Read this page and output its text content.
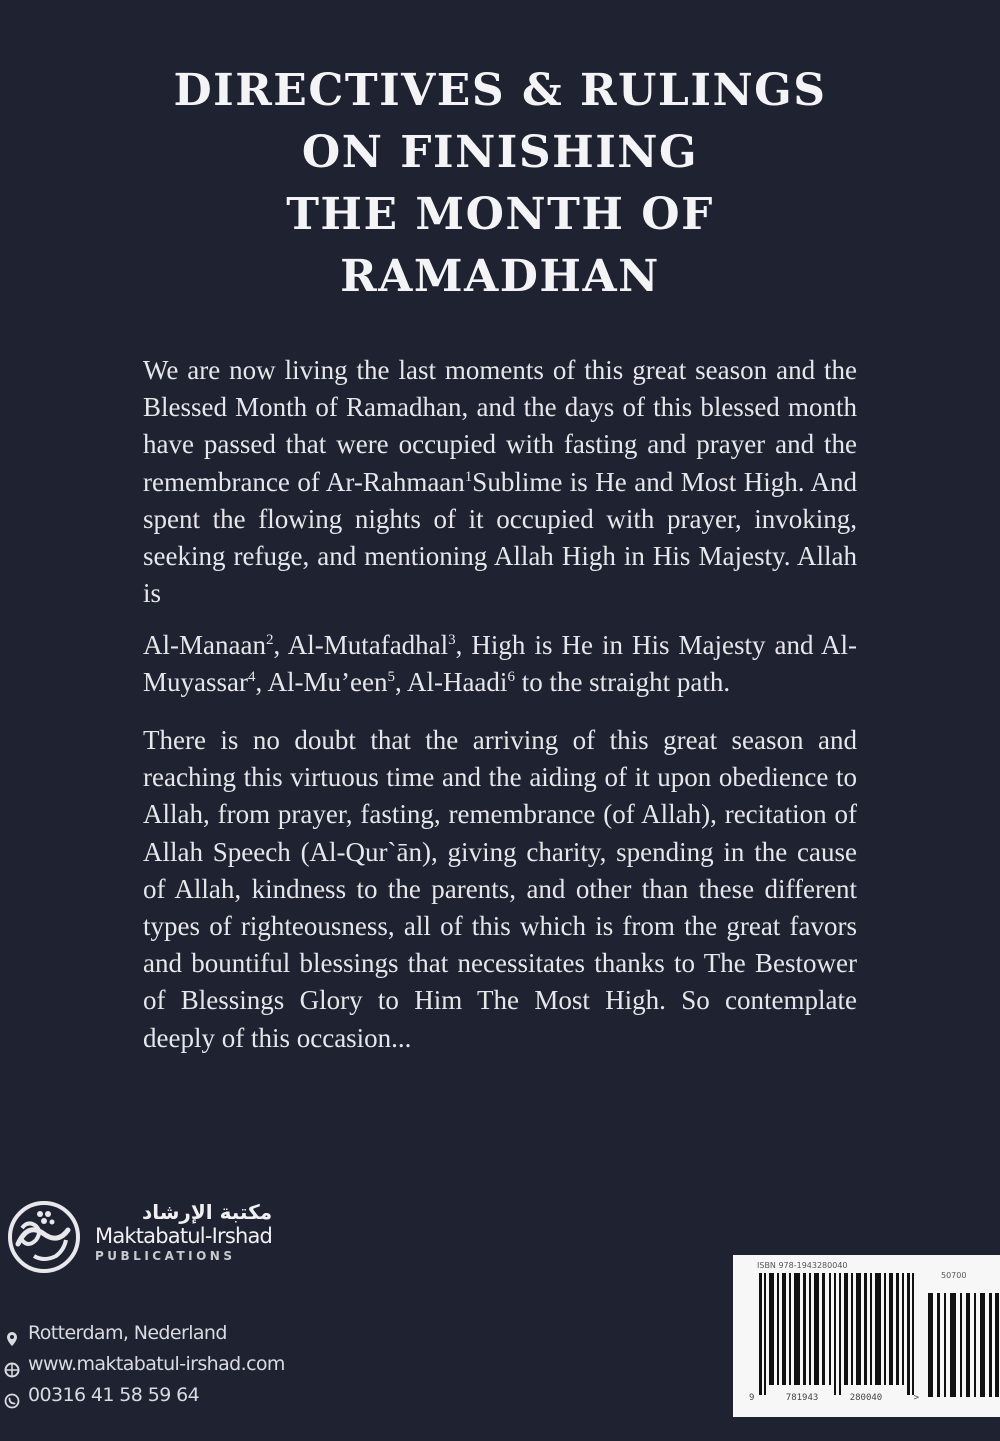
DIRECTIVES & RULINGS
ON FINISHING
THE MONTH OF
RAMADHAN

We are now living the last moments of this great season and the Blessed Month of Ramadhan, and the days of this blessed month have passed that were occupied with fasting and prayer and the remembrance of Ar-Rahmaan$^1$Sublime is He and Most High. And spent the flowing nights of it occupied with prayer, invoking, seeking refuge, and mentioning Allah High in His Majesty. Allah is

Al-Manaan$^2$, Al-Mutafadhal$^3$, High is He in His Majesty and Al-Muyassar$^4$, Al-Mu’een$^5$, Al-Haadi$^6$ to the straight path.

There is no doubt that the arriving of this great season and reaching this virtuous time and the aiding of it upon obedience to Allah, from prayer, fasting, remembrance (of Allah), recitation of Allah Speech (Al-Qur`ān), giving charity, spending in the cause of Allah, kindness to the parents, and other than these different types of righteousness, all of this which is from the great favors and bountiful blessings that necessitates thanks to The Bestower of Blessings Glory to Him The Most High. So contemplate deeply of this occasion...

مكتبة الإرشاد
Maktabatul-Irshad
PUBLICATIONS
Rotterdam, Nederland
www.maktabatul-irshad.com
00316 41 58 59 64
ISBN 978-1943280040
50700
9	781943	280040	>
